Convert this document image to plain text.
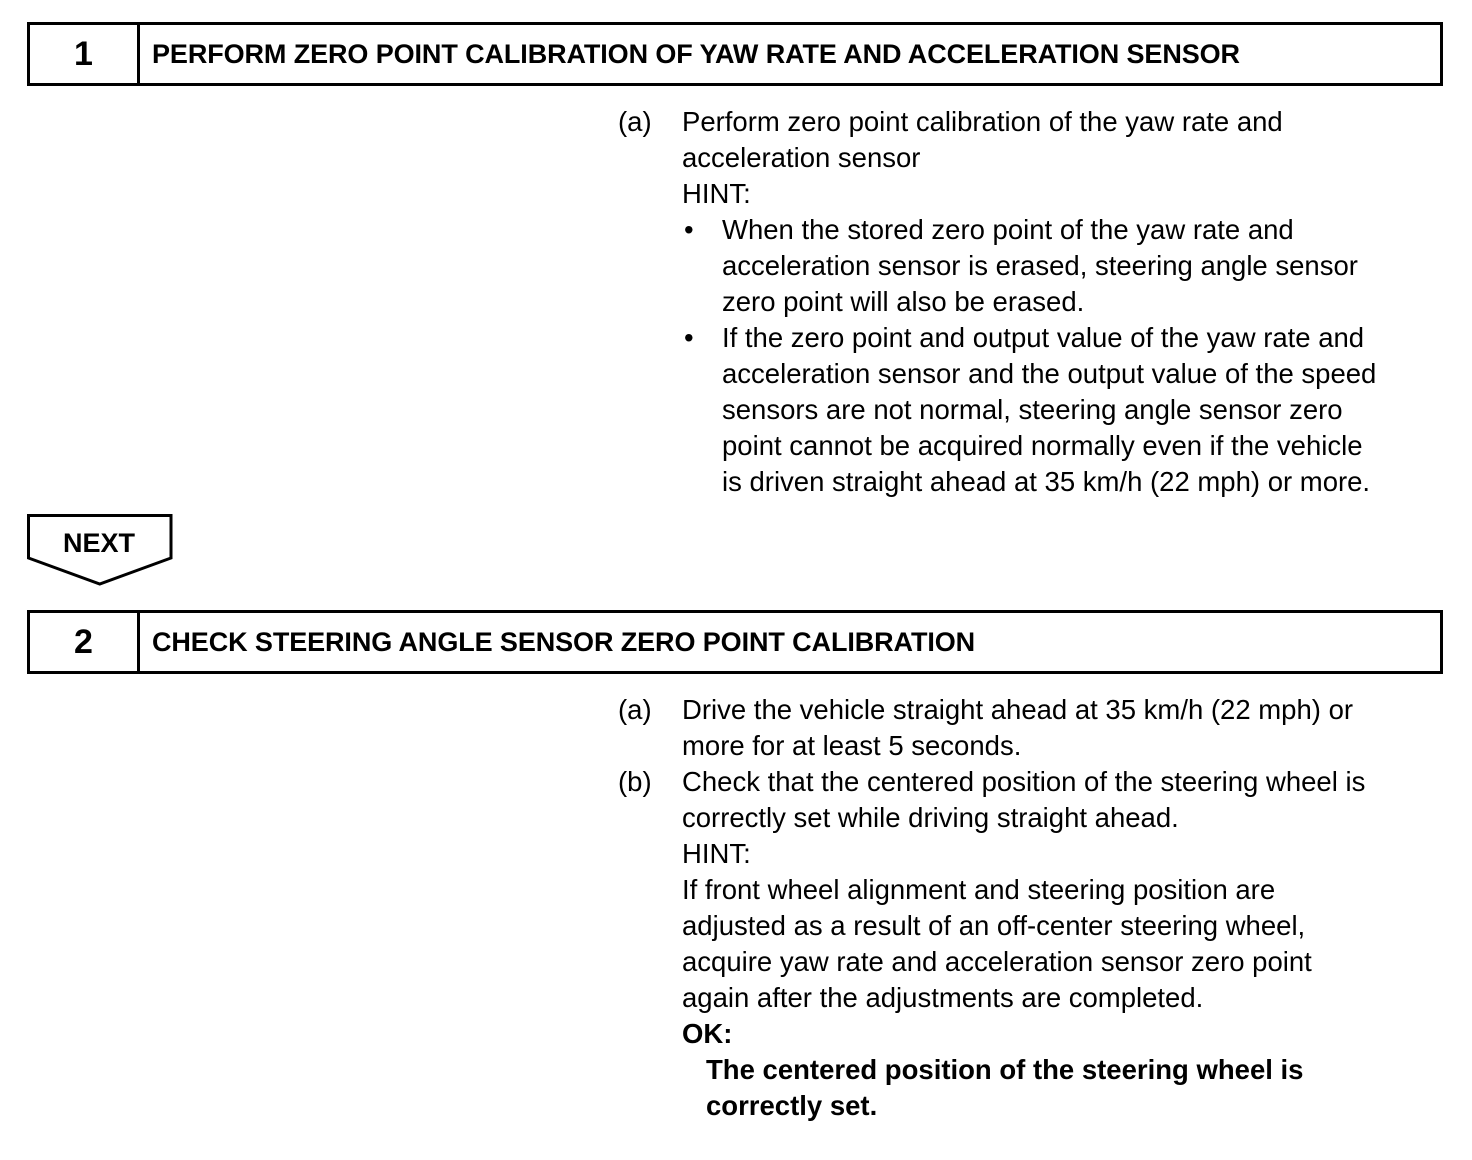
1	PERFORM ZERO POINT CALIBRATION OF YAW RATE AND ACCELERATION SENSOR
(a)	Perform zero point calibration of the yaw rate and
acceleration sensor
HINT:
•	When the stored zero point of the yaw rate and
acceleration sensor is erased, steering angle sensor
zero point will also be erased.
•	If the zero point and output value of the yaw rate and
acceleration sensor and the output value of the speed
sensors are not normal, steering angle sensor zero
point cannot be acquired normally even if the vehicle
is driven straight ahead at 35 km/h (22 mph) or more.
NEXT
2	CHECK STEERING ANGLE SENSOR ZERO POINT CALIBRATION
(a)	Drive the vehicle straight ahead at 35 km/h (22 mph) or
more for at least 5 seconds.
(b)	Check that the centered position of the steering wheel is
correctly set while driving straight ahead.
HINT:
If front wheel alignment and steering position are
adjusted as a result of an off-center steering wheel,
acquire yaw rate and acceleration sensor zero point
again after the adjustments are completed.
OK:
The centered position of the steering wheel is
correctly set.
